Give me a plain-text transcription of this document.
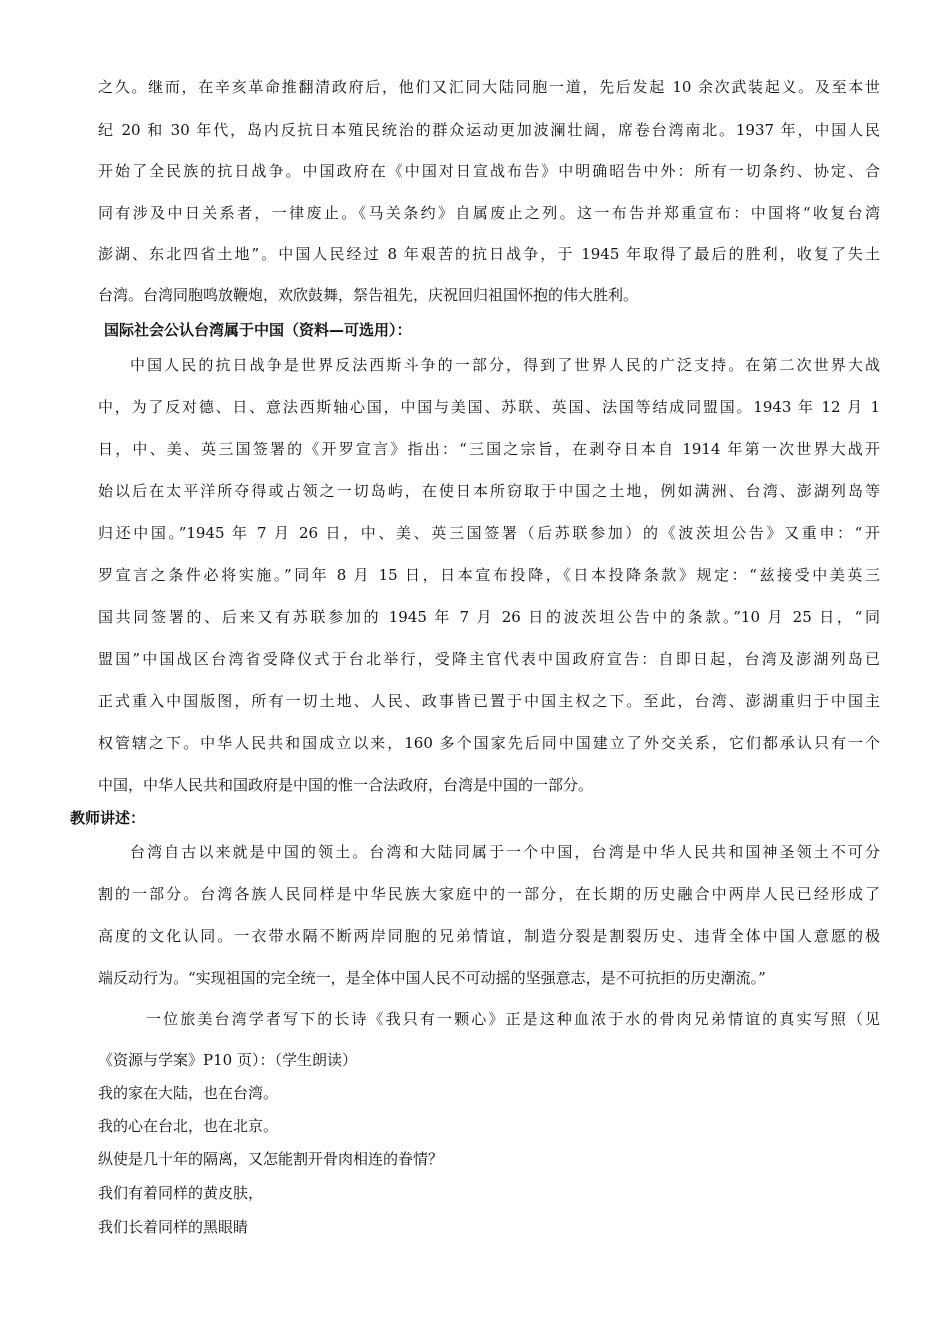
之久。继而，在辛亥革命推翻清政府后，他们又汇同大陆同胞一道，先后发起 10 余次武装起义。及至本世
纪 20 和 30 年代，岛内反抗日本殖民统治的群众运动更加波澜壮阔，席卷台湾南北。1937 年，中国人民
开始了全民族的抗日战争。中国政府在《中国对日宣战布告》中明确昭告中外：所有一切条约、协定、合
同有涉及中日关系者，一律废止。《马关条约》自属废止之列。这一布告并郑重宣布：中国将“收复台湾
澎湖、东北四省土地”。中国人民经过 8 年艰苦的抗日战争，于 1945 年取得了最后的胜利，收复了失土
台湾。台湾同胞鸣放鞭炮，欢欣鼓舞，祭告祖先，庆祝回归祖国怀抱的伟大胜利。
国际社会公认台湾属于中国（资料—可选用）：
中国人民的抗日战争是世界反法西斯斗争的一部分，得到了世界人民的广泛支持。在第二次世界大战
中，为了反对德、日、意法西斯轴心国，中国与美国、苏联、英国、法国等结成同盟国。1943 年 12 月 1
日，中、美、英三国签署的《开罗宣言》指出：“三国之宗旨，在剥夺日本自 1914 年第一次世界大战开
始以后在太平洋所夺得或占领之一切岛屿，在使日本所窃取于中国之土地，例如满洲、台湾、澎湖列岛等
归还中国。”1945 年 7 月 26 日，中、美、英三国签署（后苏联参加）的《波茨坦公告》又重申：“开
罗宣言之条件必将实施。”同年 8 月 15 日，日本宣布投降，《日本投降条款》规定：“兹接受中美英三
国共同签署的、后来又有苏联参加的 1945 年 7 月 26 日的波茨坦公告中的条款。”10 月 25 日，“同
盟国”中国战区台湾省受降仪式于台北举行，受降主官代表中国政府宣告：自即日起，台湾及澎湖列岛已
正式重入中国版图，所有一切土地、人民、政事皆已置于中国主权之下。至此，台湾、澎湖重归于中国主
权管辖之下。中华人民共和国成立以来，160 多个国家先后同中国建立了外交关系，它们都承认只有一个
中国，中华人民共和国政府是中国的惟一合法政府，台湾是中国的一部分。
教师讲述：
台湾自古以来就是中国的领土。台湾和大陆同属于一个中国，台湾是中华人民共和国神圣领土不可分
割的一部分。台湾各族人民同样是中华民族大家庭中的一部分，在长期的历史融合中两岸人民已经形成了
高度的文化认同。一衣带水隔不断两岸同胞的兄弟情谊，制造分裂是割裂历史、违背全体中国人意愿的极
端反动行为。“实现祖国的完全统一，是全体中国人民不可动摇的坚强意志，是不可抗拒的历史潮流。”
一位旅美台湾学者写下的长诗《我只有一颗心》正是这种血浓于水的骨肉兄弟情谊的真实写照（见
《资源与学案》P10 页）：（学生朗读）
我的家在大陆，也在台湾。
我的心在台北，也在北京。
纵使是几十年的隔离，又怎能割开骨肉相连的眷情？
我们有着同样的黄皮肤，
我们长着同样的黑眼睛
